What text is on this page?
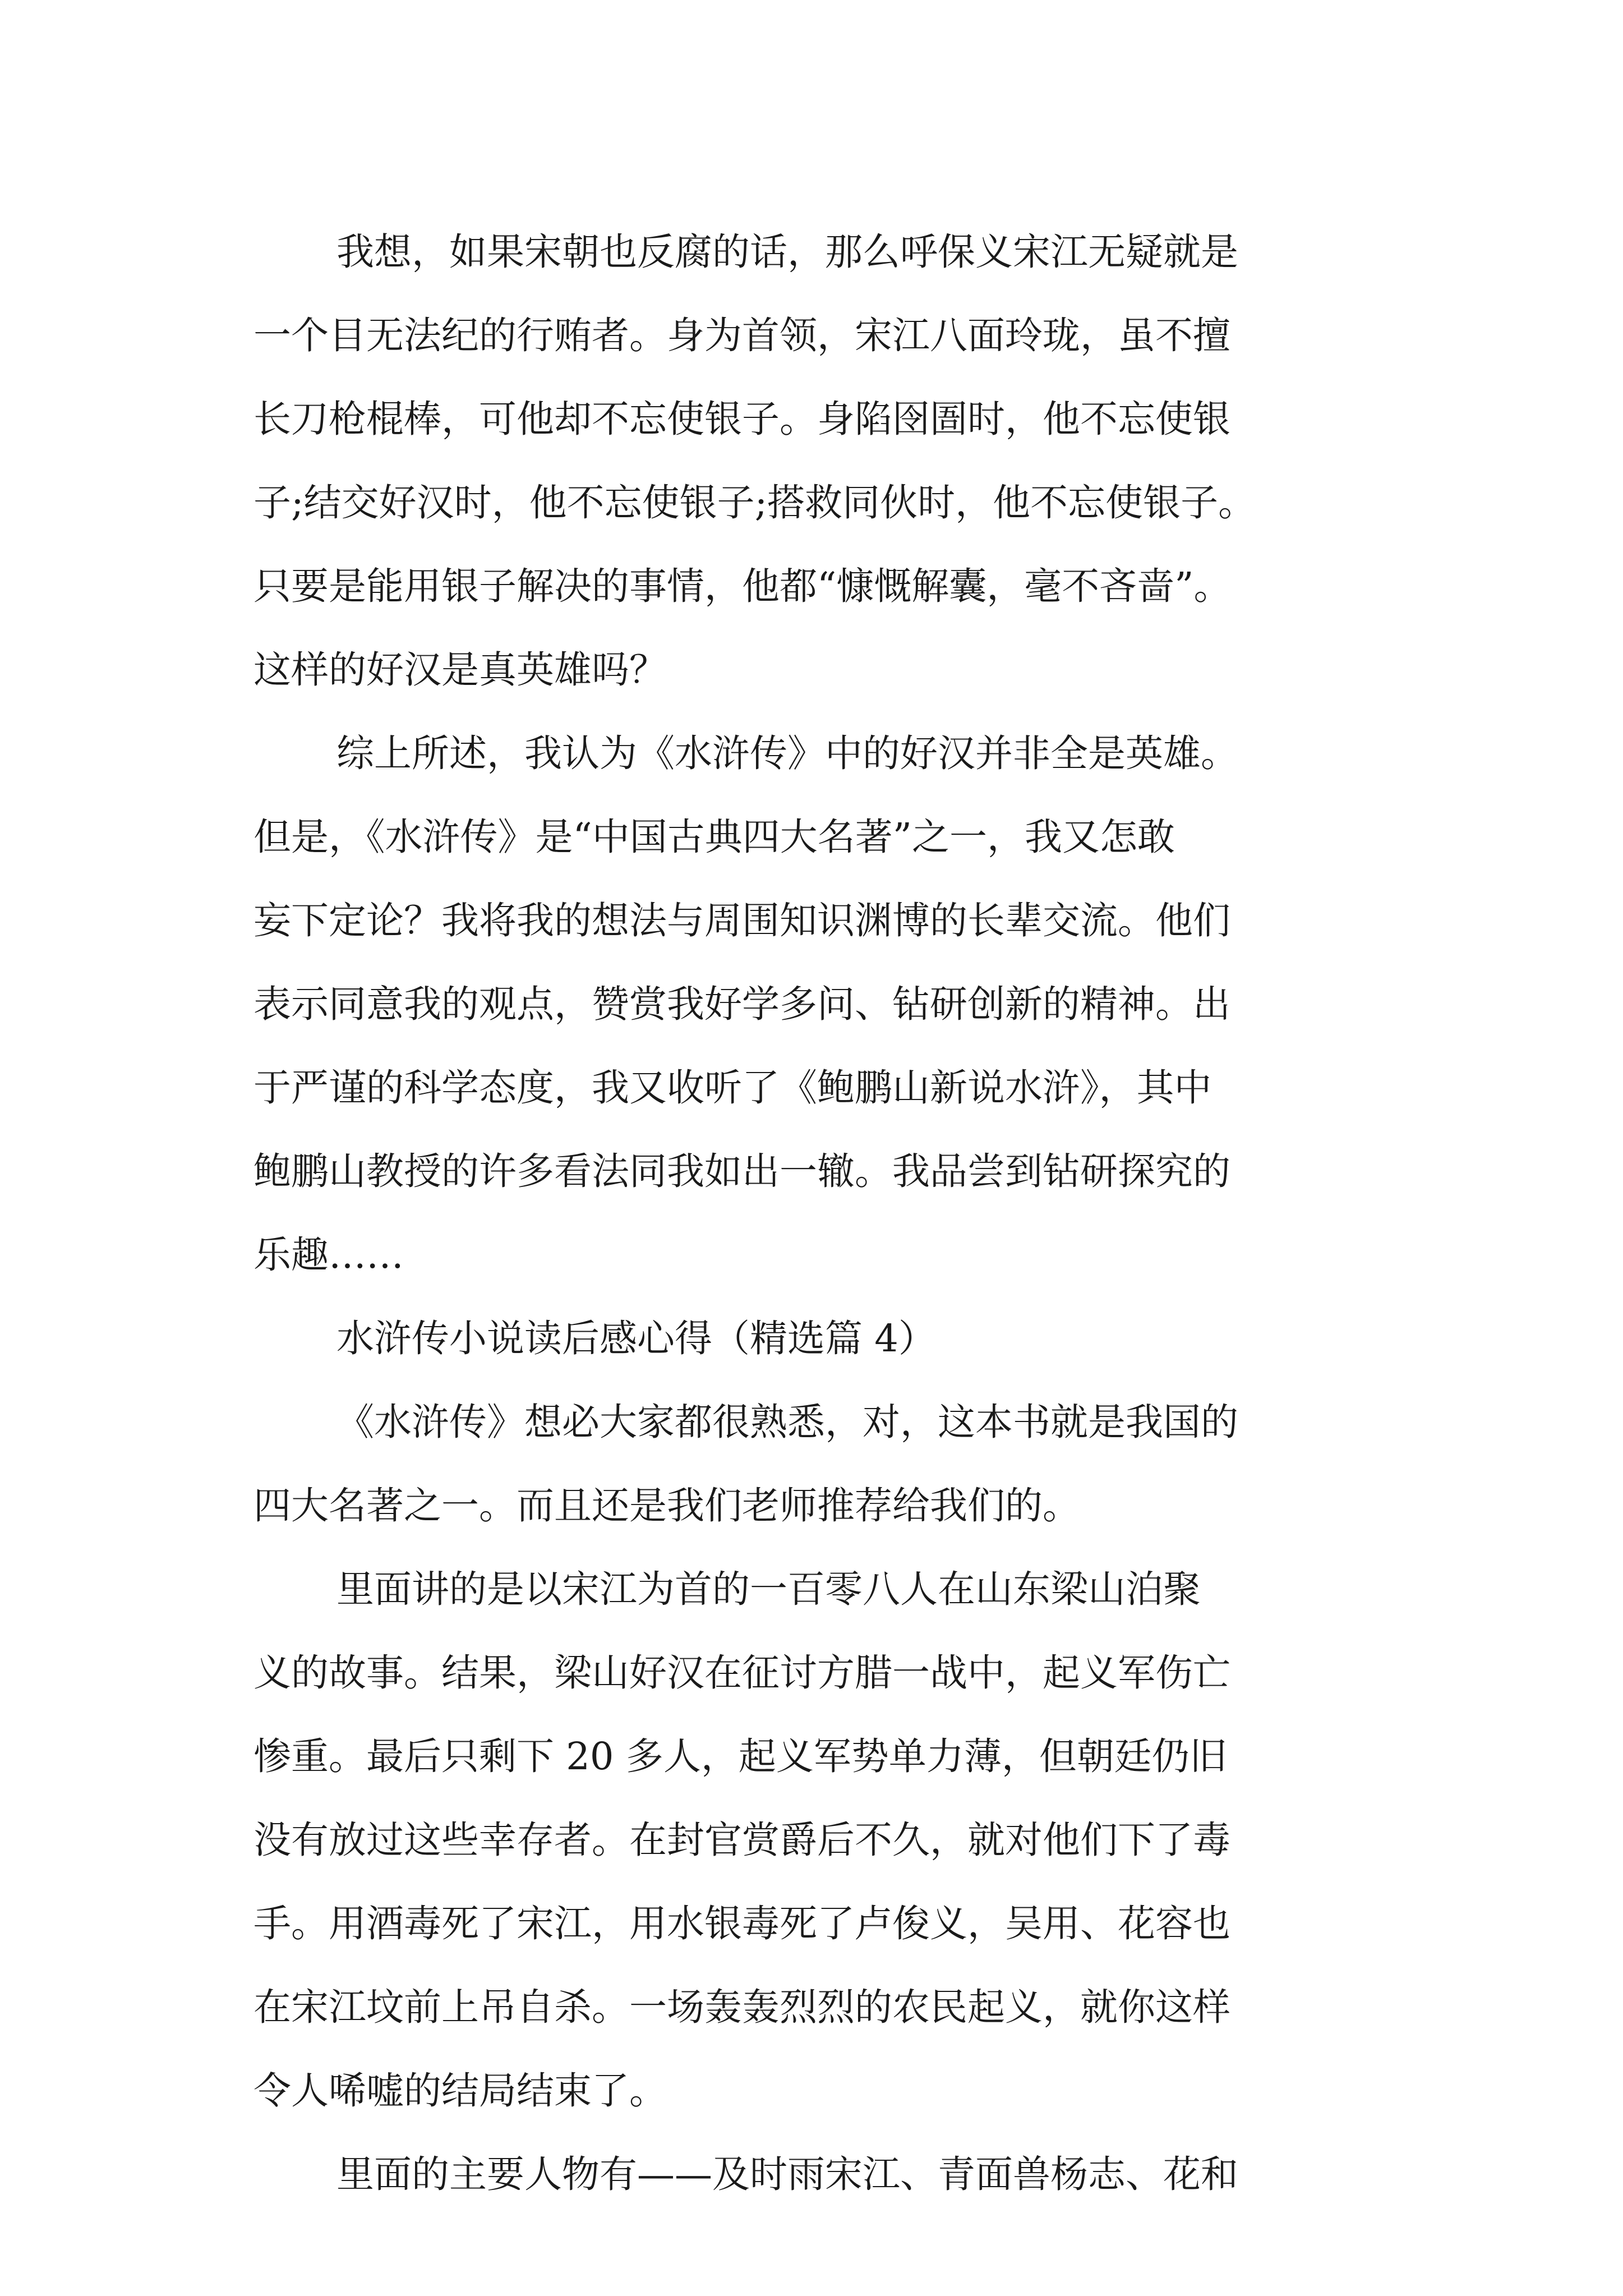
我想，如果宋朝也反腐的话，那么呼保义宋江无疑就是
一个目无法纪的行贿者。身为首领，宋江八面玲珑，虽不擅
长刀枪棍棒，可他却不忘使银子。身陷囹圄时，他不忘使银
子;结交好汉时，他不忘使银子;搭救同伙时，他不忘使银子。
只要是能用银子解决的事情，他都“慷慨解囊，毫不吝啬”。
这样的好汉是真英雄吗？
综上所述，我认为《水浒传》中的好汉并非全是英雄。
但是，《水浒传》是“中国古典四大名著”之一，我又怎敢
妄下定论？我将我的想法与周围知识渊博的长辈交流。他们
表示同意我的观点，赞赏我好学多问、钻研创新的精神。出
于严谨的科学态度，我又收听了《鲍鹏山新说水浒》，其中
鲍鹏山教授的许多看法同我如出一辙。我品尝到钻研探究的
乐趣……
水浒传小说读后感心得（精选篇 4）
《水浒传》想必大家都很熟悉，对，这本书就是我国的
四大名著之一。而且还是我们老师推荐给我们的。
里面讲的是以宋江为首的一百零八人在山东梁山泊聚
义的故事。结果，梁山好汉在征讨方腊一战中，起义军伤亡
惨重。最后只剩下 20 多人，起义军势单力薄，但朝廷仍旧
没有放过这些幸存者。在封官赏爵后不久，就对他们下了毒
手。用酒毒死了宋江，用水银毒死了卢俊义，吴用、花容也
在宋江坟前上吊自杀。一场轰轰烈烈的农民起义，就你这样
令人唏嘘的结局结束了。
里面的主要人物有——及时雨宋江、青面兽杨志、花和
